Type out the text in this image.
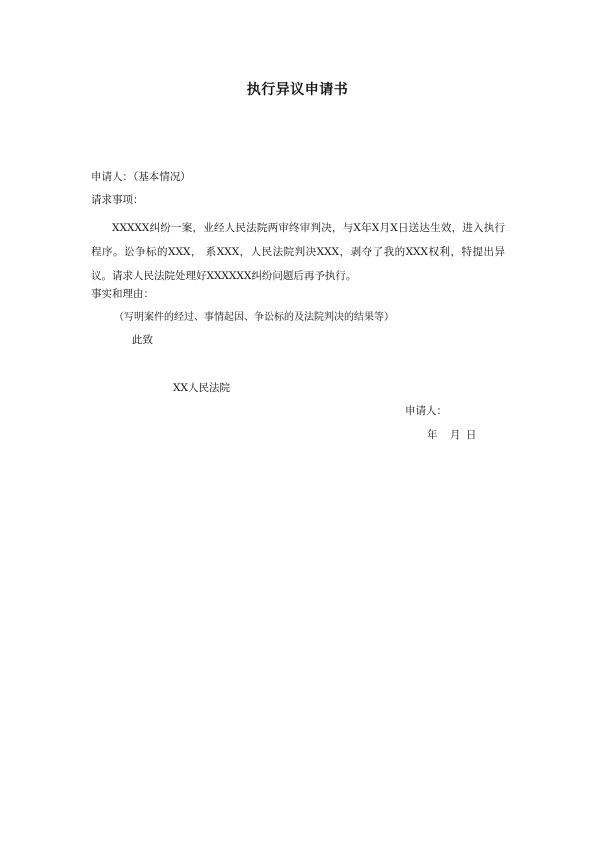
执行异议申请书
申请人：（基本情况）
请求事项：
XXXXX纠纷一案，业经人民法院两审终审判决，与X年X月X日送达生效，进入执行程序。讼争标的XXX， 系XXX，人民法院判决XXX，剥夺了我的XXX权利，特提出异议。请求人民法院处理好XXXXXX纠纷问题后再予执行。
事实和理由：
（写明案件的经过、事情起因、争讼标的及法院判决的结果等）
此致
XX人民法院
申请人：
年　月 日
